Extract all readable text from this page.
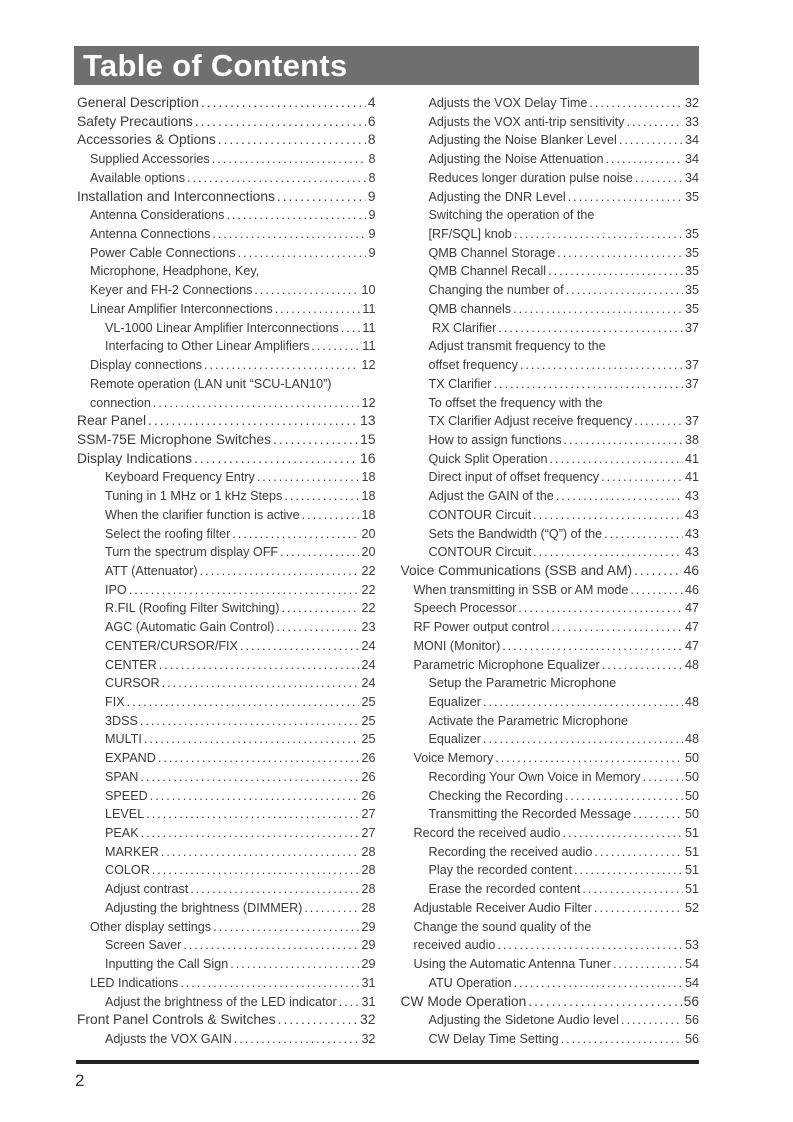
Table of Contents
General Description .....	4
Safety Precautions .....	6
Accessories & Options .....	8
Supplied Accessories .....	8
Available options .....	8
Installation and Interconnections .....	9
Antenna Considerations .....	9
Antenna Connections .....	9
Power Cable Connections .....	9
Microphone, Headphone, Key,
Keyer and FH-2 Connections .....	10
Linear Amplifier Interconnections .....	11
VL-1000 Linear Amplifier Interconnections ..... 11
Interfacing to Other Linear Amplifiers .....	11
Display connections .....	12
Remote operation (LAN unit “SCU-LAN10”)
connection .....	12
Rear Panel .....	13
SSM-75E Microphone Switches .....	15
Display Indications .....	16
Keyboard Frequency Entry .....	18
Tuning in 1 MHz or 1 kHz Steps .....	18
When the clarifier function is active .....	18
Select the roofing filter .....	20
Turn the spectrum display OFF .....	20
ATT (Attenuator) .....	22
IPO .....	22
R.FIL (Roofing Filter Switching) .....	22
AGC (Automatic Gain Control) .....	23
CENTER/CURSOR/FIX .....	24
CENTER .....	24
CURSOR .....	24
FIX .....	25
3DSS .....	25
MULTI .....	25
EXPAND .....	26
SPAN .....	26
SPEED .....	26
LEVEL .....	27
PEAK .....	27
MARKER .....	28
COLOR .....	28
Adjust contrast .....	28
Adjusting the brightness (DIMMER) .....	28
Other display settings .....	29
Screen Saver .....	29
Inputting the Call Sign .....	29
LED Indications .....	31
Adjust the brightness of the LED indicator ..... 31
Front Panel Controls & Switches .....	32
Adjusts the VOX GAIN .....	32
Adjusts the VOX Delay Time .....	32
Adjusts the VOX anti-trip sensitivity .....	33
Adjusting the Noise Blanker Level .....	34
Adjusting the Noise Attenuation .....	34
Reduces longer duration pulse noise .....	34
Adjusting the DNR Level .....	35
Switching the operation of the
[RF/SQL] knob .....	35
QMB Channel Storage .....	35
QMB Channel Recall .....	35
Changing the number of .....	35
QMB channels .....	35
RX Clarifier .....	37
Adjust transmit frequency to the
offset frequency .....	37
TX Clarifier .....	37
To offset the frequency with the
TX Clarifier Adjust receive frequency .....	37
How to assign functions .....	38
Quick Split Operation .....	41
Direct input of offset frequency .....	41
Adjust the GAIN of the .....	43
CONTOUR Circuit .....	43
Sets the Bandwidth (“Q”) of the .....	43
CONTOUR Circuit .....	43
Voice Communications (SSB and AM) .....	46
When transmitting in SSB or AM mode .....	46
Speech Processor .....	47
RF Power output control .....	47
MONI (Monitor) .....	47
Parametric Microphone Equalizer .....	48
Setup the Parametric Microphone
Equalizer .....	48
Activate the Parametric Microphone
Equalizer .....	48
Voice Memory .....	50
Recording Your Own Voice in Memory .....	50
Checking the Recording .....	50
Transmitting the Recorded Message .....	50
Record the received audio .....	51
Recording the received audio .....	51
Play the recorded content .....	51
Erase the recorded content .....	51
Adjustable Receiver Audio Filter .....	52
Change the sound quality of the
received audio .....	53
Using the Automatic Antenna Tuner .....	54
ATU Operation .....	54
CW Mode Operation .....	56
Adjusting the Sidetone Audio level .....	56
CW Delay Time Setting .....	56
2
